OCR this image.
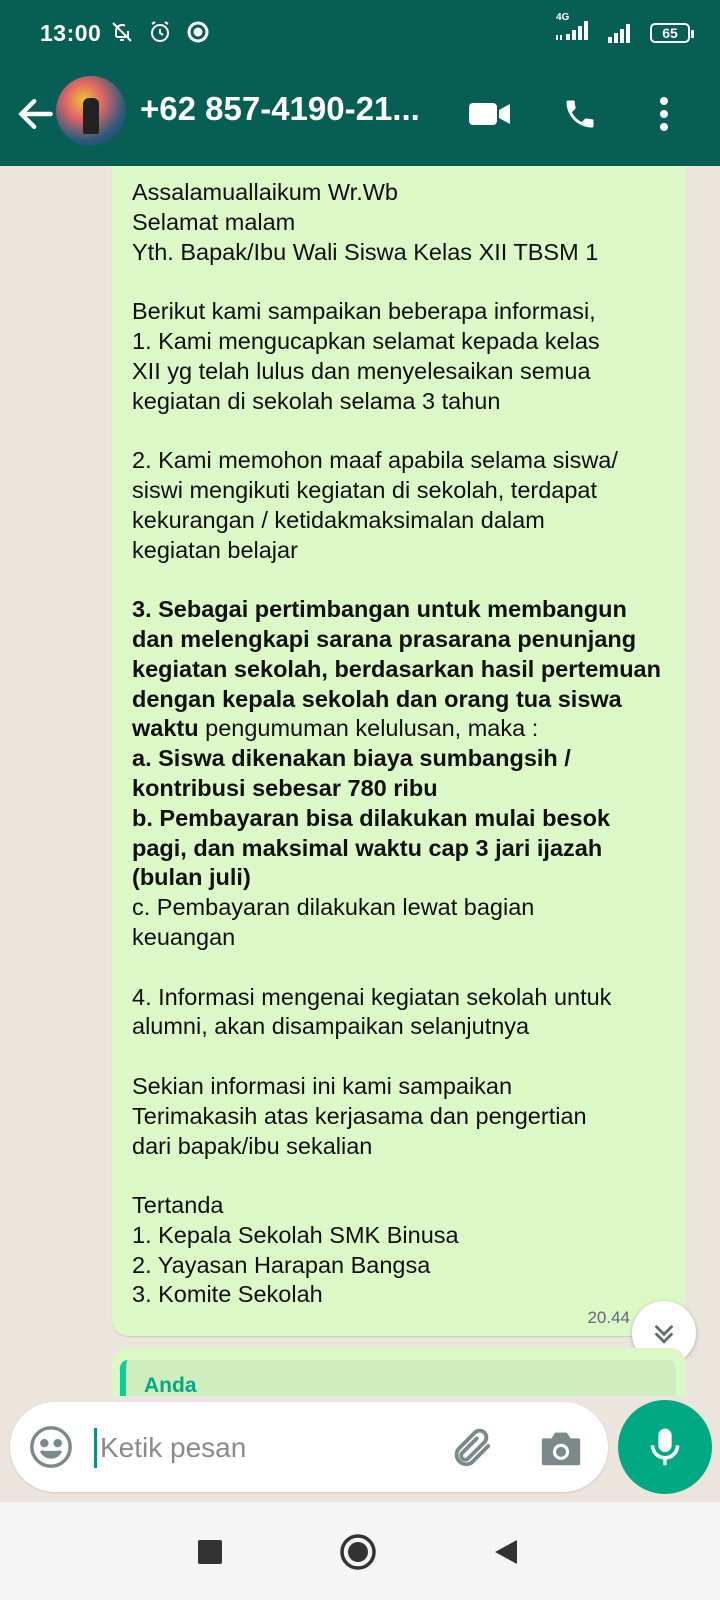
13:00
4G
65
+62 857-4190-21...
Assalamuallaikum Wr.Wb
Selamat malam
Yth. Bapak/Ibu Wali Siswa Kelas XII TBSM 1
Berikut kami sampaikan beberapa informasi,
1. Kami mengucapkan selamat kepada kelas
XII yg telah lulus dan menyelesaikan semua
kegiatan di sekolah selama 3 tahun
2. Kami memohon maaf apabila selama siswa/
siswi mengikuti kegiatan di sekolah, terdapat
kekurangan / ketidakmaksimalan dalam
kegiatan belajar
3. Sebagai pertimbangan untuk membangun
dan melengkapi sarana prasarana penunjang
kegiatan sekolah, berdasarkan hasil pertemuan
dengan kepala sekolah dan orang tua siswa
waktu pengumuman kelulusan, maka :
a. Siswa dikenakan biaya sumbangsih /
kontribusi sebesar 780 ribu
b. Pembayaran bisa dilakukan mulai besok
pagi, dan maksimal waktu cap 3 jari ijazah
(bulan juli)
c. Pembayaran dilakukan lewat bagian
keuangan
4. Informasi mengenai kegiatan sekolah untuk
alumni, akan disampaikan selanjutnya
Sekian informasi ini kami sampaikan
Terimakasih atas kerjasama dan pengertian
dari bapak/ibu sekalian
Tertanda
1. Kepala Sekolah SMK Binusa
2. Yayasan Harapan Bangsa
3. Komite Sekolah
20.44
Anda
Ketik pesan
